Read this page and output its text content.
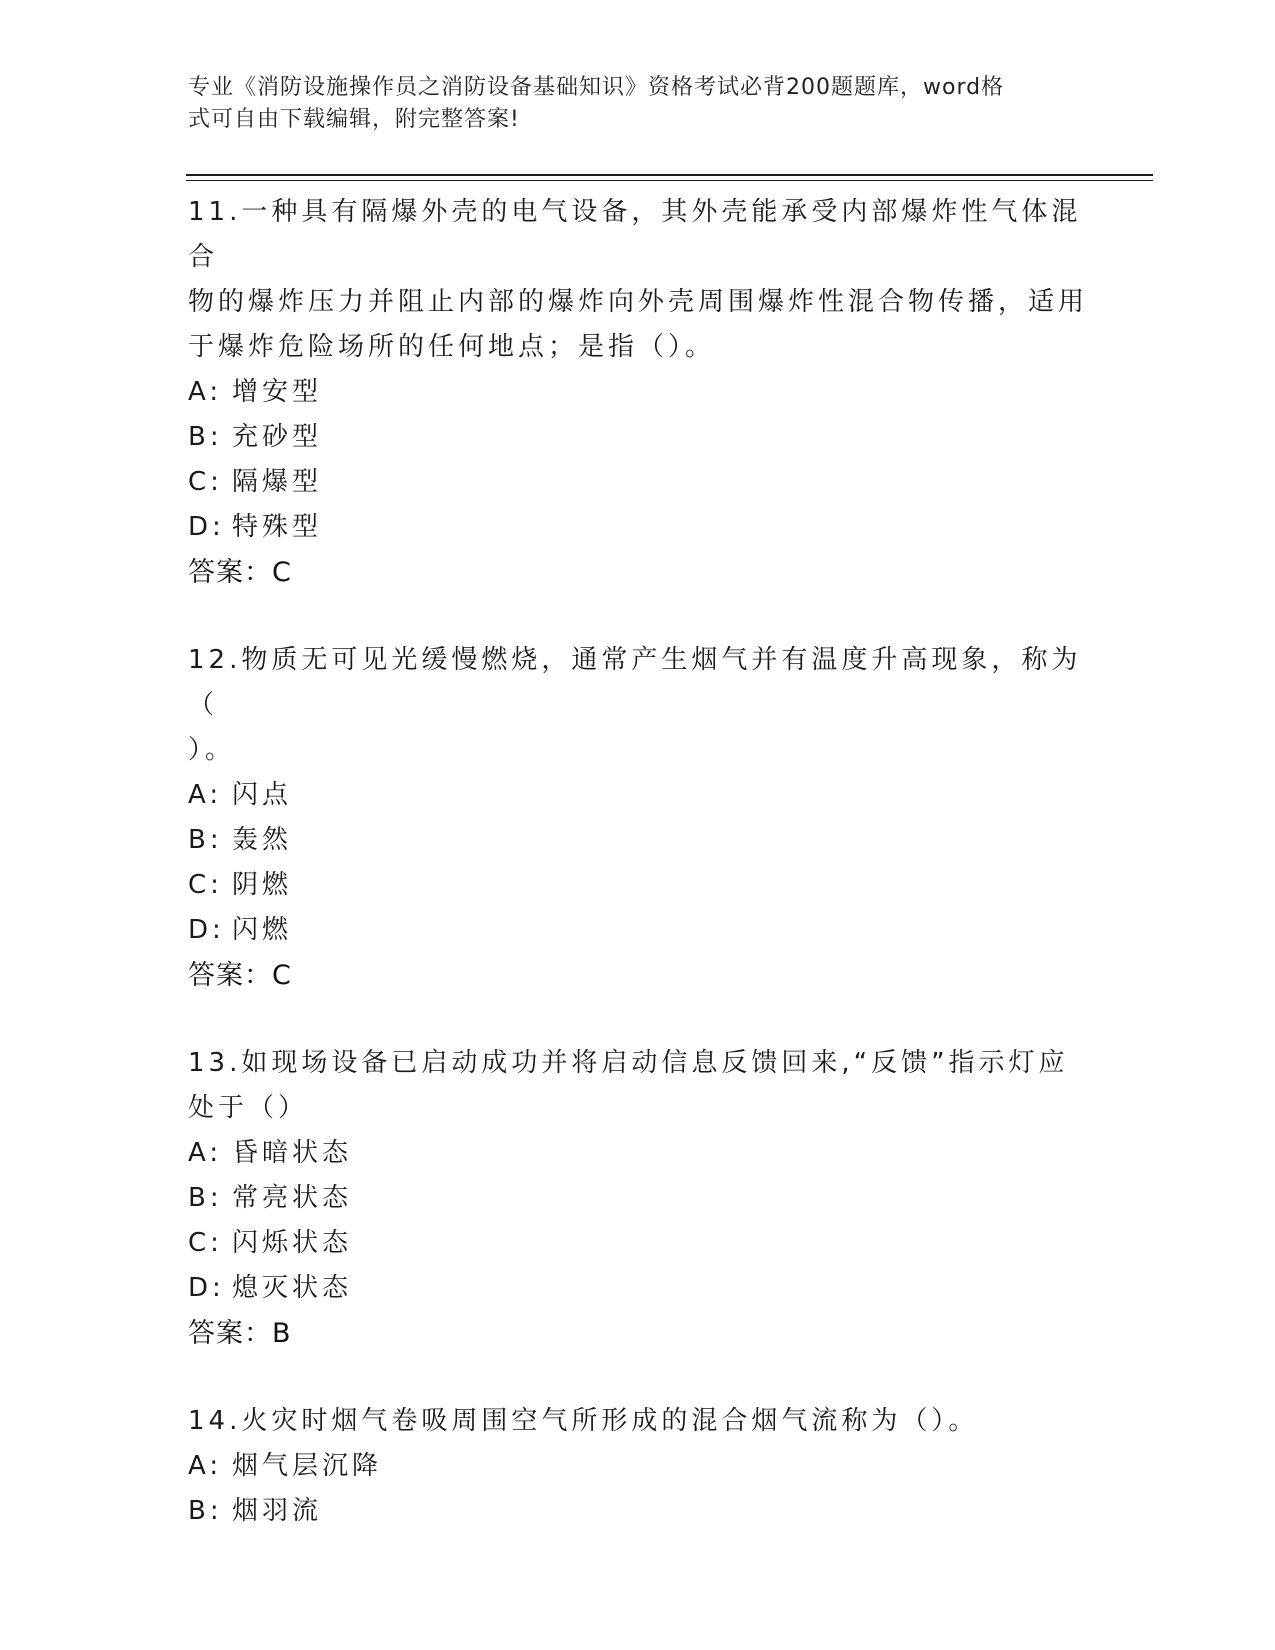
专业《消防设施操作员之消防设备基础知识》资格考试必背200题题库，word格
式可自由下载编辑，附完整答案!
11.一种具有隔爆外壳的电气设备，其外壳能承受内部爆炸性气体混合
物的爆炸压力并阻止内部的爆炸向外壳周围爆炸性混合物传播，适用
于爆炸危险场所的任何地点；是指（）。
A: 增安型
B: 充砂型
C: 隔爆型
D: 特殊型
答案：C
12.物质无可见光缓慢燃烧，通常产生烟气并有温度升高现象，称为（
）。
A: 闪点
B: 轰然
C: 阴燃
D: 闪燃
答案：C
13.如现场设备已启动成功并将启动信息反馈回来,“反馈”指示灯应
处于（）
A: 昏暗状态
B: 常亮状态
C: 闪烁状态
D: 熄灭状态
答案：B
14.火灾时烟气卷吸周围空气所形成的混合烟气流称为（）。
A: 烟气层沉降
B: 烟羽流
